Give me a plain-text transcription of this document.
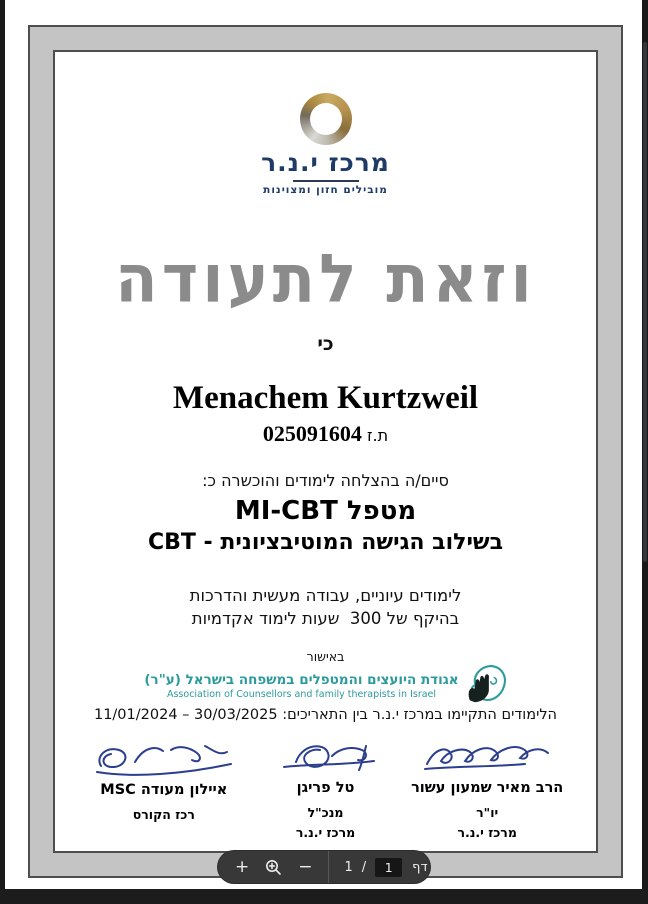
מרכז י.נ.ר
מובילים חזון ומצוינות
וזאת לתעודה
כי
Menachem Kurtzweil
ת.ז 025091604
סיים/ה בהצלחה לימודים והוכשרה כ:
מטפל MI-CBT
בשילוב הגישה המוטיבציונית - CBT
לימודים עיוניים, עבודה מעשית והדרכות
בהיקף של 300  שעות לימוד אקדמיות
באישור
אגודת היועצים והמטפלים במשפחה בישראל (ע"ר)
Association of Counsellors and family therapists in Israel
הלימודים התקיימו במרכז י.נ.ר בין התאריכים: 30/03/2025 – 11/01/2024
הרב מאיר שמעון עשור
יו"ר
מרכז י.נ.ר
טל פריגן
מנכ"ל
מרכז י.נ.ר
איילון מעודה MSC
רכז הקורס
+	− 1 /	1	דף
